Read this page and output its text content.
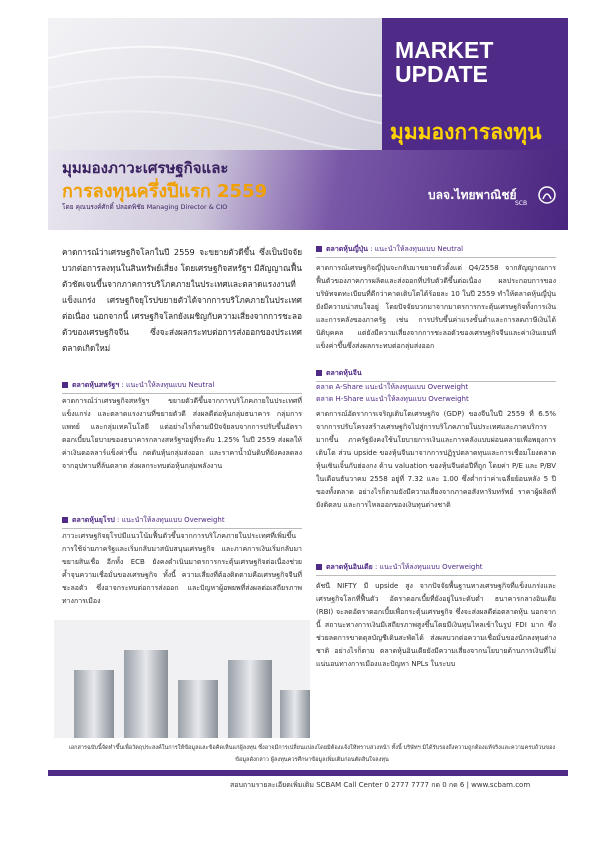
MARKET
UPDATE
มุมมองการลงทุน
มุมมองภาวะเศรษฐกิจและ
การลงทุนครึ่งปีแรก 2559
โดย คุณนรงค์ศักดิ์ ปลอดพิชัย Managing Director & CIO
บลจ.ไทยพาณิชย์
SCB
คาดการณ์ว่าเศรษฐกิจโลกในปี 2559 จะขยายตัวดีขึ้น ซึ่งเป็นปัจจัยบวกต่อการลงทุนในสินทรัพย์เสี่ยง โดยเศรษฐกิจสหรัฐฯ มีสัญญาณฟื้นตัวชัดเจนขึ้นจากภาคการบริโภคภายในประเทศและตลาดแรงงานที่แข็งแกร่ง เศรษฐกิจยุโรปขยายตัวได้จากการบริโภคภายในประเทศต่อเนื่อง นอกจากนี้ เศรษฐกิจโลกยังเผชิญกับความเสี่ยงจากการชะลอตัวของเศรษฐกิจจีน ซึ่งจะส่งผลกระทบต่อการส่งออกของประเทศตลาดเกิดใหม่
ตลาดหุ้นสหรัฐฯ : แนะนำให้ลงทุนแบบ Neutral
คาดการณ์ว่าเศรษฐกิจสหรัฐฯ ขยายตัวดีขึ้นจากการบริโภคภายในประเทศที่แข็งแกร่ง และตลาดแรงงานที่ขยายตัวดี ส่งผลดีต่อหุ้นกลุ่มธนาคาร กลุ่มการแพทย์ และกลุ่มเทคโนโลยี แต่อย่างไรก็ตามมีปัจจัยลบจากการปรับขึ้นอัตราดอกเบี้ยนโยบายของธนาคารกลางสหรัฐฯอยู่ที่ระดับ 1.25% ในปี 2559 ส่งผลให้ค่าเงินดอลลาร์แข็งค่าขึ้น กดดันหุ้นกลุ่มส่งออก และราคาน้ำมันดิบที่ยังคงลดลงจากอุปทานที่ล้นตลาด ส่งผลกระทบต่อหุ้นกลุ่มพลังงาน
ตลาดหุ้นยุโรป : แนะนำให้ลงทุนแบบ Overweight
ภาวะเศรษฐกิจยุโรปมีแนวโน้มฟื้นตัวขึ้นจากการบริโภคภายในประเทศที่เพิ่มขึ้น การใช้จ่ายภาครัฐและเริ่มกลับมาสนับสนุนเศรษฐกิจ และภาคการเงินเริ่มกลับมาขยายสินเชื่อ อีกทั้ง ECB ยังคงดำเนินมาตรการกระตุ้นเศรษฐกิจต่อเนื่องช่วยค้ำจุนความเชื่อมั่นของเศรษฐกิจ ทั้งนี้ ความเสี่ยงที่ต้องติดตามคือเศรษฐกิจจีนที่ชะลอตัว ซึ่งอาจกระทบต่อการส่งออก และปัญหาผู้อพยพที่ส่งผลต่อเสถียรภาพทางการเมือง
ตลาดหุ้นญี่ปุ่น : แนะนำให้ลงทุนแบบ Neutral
คาดการณ์เศรษฐกิจญี่ปุ่นจะกลับมาขยายตัวตั้งแต่ Q4/2558 จากสัญญาณการฟื้นตัวของภาคการผลิตและส่งออกที่ปรับตัวดีขึ้นต่อเนื่อง ผลประกอบการของบริษัทจดทะเบียนที่ดีกว่าคาดเติบโตได้ร้อยละ 10 ในปี 2559 ทำให้ตลาดหุ้นญี่ปุ่นยังมีความน่าสนใจอยู่ โดยปัจจัยบวกมาจากมาตรการกระตุ้นเศรษฐกิจทั้งการเงินและการคลังของภาครัฐ เช่น การปรับขึ้นค่าแรงขั้นต่ำและการลดภาษีเงินได้นิติบุคคล แต่ยังมีความเสี่ยงจากการชะลอตัวของเศรษฐกิจจีนและค่าเงินเยนที่แข็งค่าขึ้นซึ่งส่งผลกระทบต่อกลุ่มส่งออก
ตลาดหุ้นจีน
ตลาด A-Share แนะนำให้ลงทุนแบบ Overweight
ตลาด H-Share แนะนำให้ลงทุนแบบ Overweight
คาดการณ์อัตราการเจริญเติบโตเศรษฐกิจ (GDP) ของจีนในปี 2559 ที่ 6.5% จากการปรับโครงสร้างเศรษฐกิจไปสู่การบริโภคภายในประเทศและภาคบริการมากขึ้น ภาครัฐยังคงใช้นโยบายการเงินและการคลังแบบผ่อนคลายเพื่อพยุงการเติบโต ส่วน upside ของหุ้นจีนมาจากการปฏิรูปตลาดทุนและการเชื่อมโยงตลาดหุ้นเซินเจิ้นกับฮ่องกง ด้าน valuation ของหุ้นจีนต่อปีที่ถูก โดยค่า P/E และ P/BV ในเดือนธันวาคม 2558 อยู่ที่ 7.32 และ 1.00 ซึ่งต่ำกว่าค่าเฉลี่ยย้อนหลัง 5 ปีของทั้งตลาด อย่างไรก็ตามยังมีความเสี่ยงจากภาคอสังหาริมทรัพย์ ราคาผู้ผลิตที่ยังติดลบ และการไหลออกของเงินทุนต่างชาติ
ตลาดหุ้นอินเดีย : แนะนำให้ลงทุนแบบ Overweight
ดัชนี NIFTY มี upside สูง จากปัจจัยพื้นฐานทางเศรษฐกิจที่แข็งแกร่งและเศรษฐกิจโลกที่ฟื้นตัว อัตราดอกเบี้ยที่ยังอยู่ในระดับต่ำ ธนาคารกลางอินเดีย (RBI) จะลดอัตราดอกเบี้ยเพื่อกระตุ้นเศรษฐกิจ ซึ่งจะส่งผลดีต่อตลาดหุ้น นอกจากนี้ สถานะทางการเงินมีเสถียรภาพสูงขึ้นโดยมีเงินทุนไหลเข้าในรูป FDI มาก ซึ่งช่วยลดการขาดดุลบัญชีเดินสะพัดได้ ส่งผลบวกต่อความเชื่อมั่นของนักลงทุนต่างชาติ อย่างไรก็ตาม ตลาดหุ้นอินเดียยังมีความเสี่ยงจากนโยบายด้านการเงินที่ไม่แน่นอนทางการเมืองและปัญหา NPLs ในระบบ
เอกสารฉบับนี้จัดทำขึ้นเพื่อวัตถุประสงค์ในการให้ข้อมูลและข้อคิดเห็นแก่ผู้ลงทุน ซึ่งอาจมีการเปลี่ยนแปลงโดยมิต้องแจ้งให้ทราบล่วงหน้า ทั้งนี้ บริษัทฯ มิได้รับรองถึงความถูกต้องแท้จริงและความครบถ้วนของข้อมูลดังกล่าว ผู้ลงทุนควรศึกษาข้อมูลเพิ่มเติมก่อนตัดสินใจลงทุน
สอบถามรายละเอียดเพิ่มเติม SCBAM Call Center 0 2777 7777 กด 0 กด 6 | www.scbam.com
